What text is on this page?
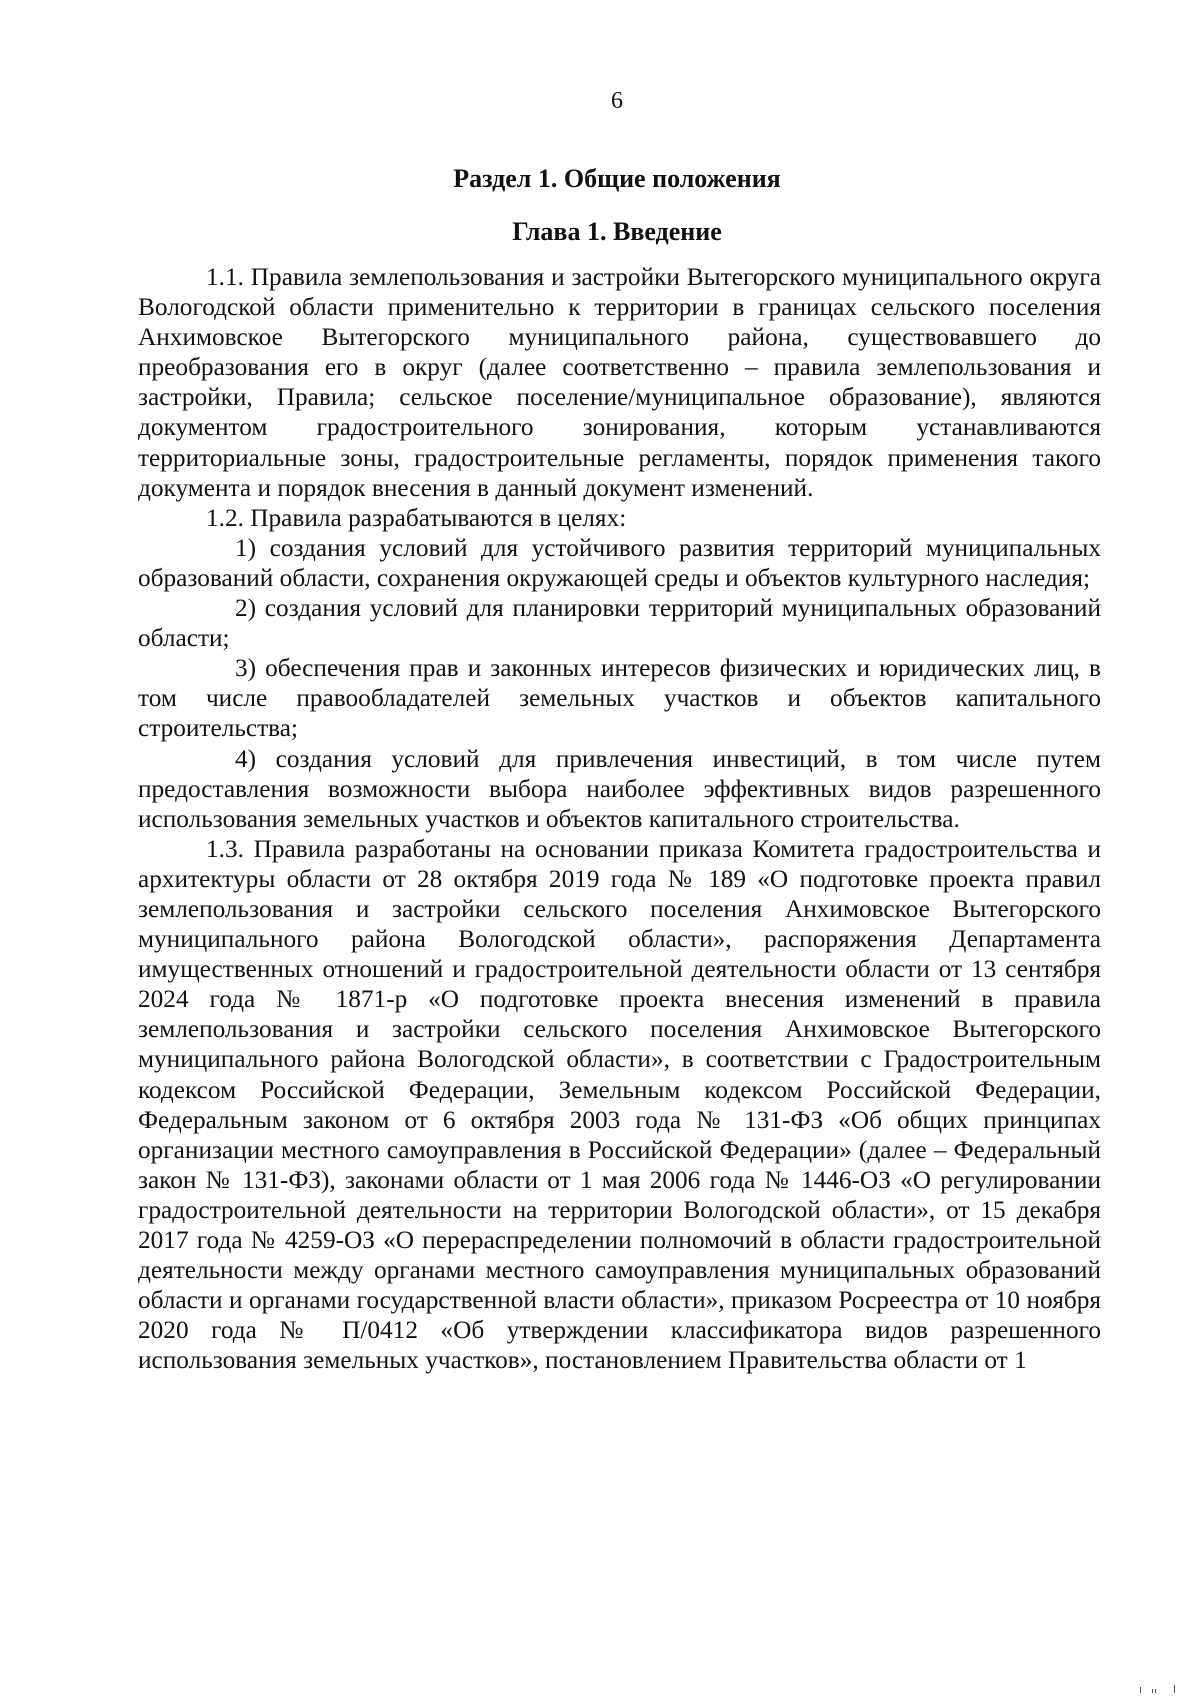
6
Раздел 1. Общие положения
Глава 1. Введение

1.1. Правила землепользования и застройки Вытегорского муниципального округа Вологодской области применительно к территории в границах сельского поселения Анхимовское Вытегорского муниципального района, существовавшего до преобразования его в округ (далее соответственно – правила землепользования и застройки, Правила; сельское поселение/муниципальное образование), являются документом градостроительного зонирования, которым устанавливаются территориальные зоны, градостроительные регламенты, порядок применения такого документа и порядок внесения в данный документ изменений.

1.2. Правила разрабатываются в целях:

1) создания условий для устойчивого развития территорий муниципальных образований области, сохранения окружающей среды и объектов культурного наследия;

2) создания условий для планировки территорий муниципальных образований области;

3) обеспечения прав и законных интересов физических и юридических лиц, в том числе правообладателей земельных участков и объектов капитального строительства;

4) создания условий для привлечения инвестиций, в том числе путем предоставления возможности выбора наиболее эффективных видов разрешенного использования земельных участков и объектов капитального строительства.

1.3. Правила разработаны на основании приказа Комитета градостроительства и архитектуры области от 28 октября 2019 года № 189 «О подготовке проекта правил землепользования и застройки сельского поселения Анхимовское Вытегорского муниципального района Вологодской области», распоряжения Департамента имущественных отношений и градостроительной деятельности области от 13 сентября 2024 года № 1871-р «О подготовке проекта внесения изменений в правила землепользования и застройки сельского поселения Анхимовское Вытегорского муниципального района Вологодской области», в соответствии с Градостроительным кодексом Российской Федерации, Земельным кодексом Российской Федерации, Федеральным законом от 6 октября 2003 года № 131-ФЗ «Об общих принципах организации местного самоуправления в Российской Федерации» (далее – Федеральный закон № 131-ФЗ), законами области от 1 мая 2006 года № 1446-ОЗ «О регулировании градостроительной деятельности на территории Вологодской области», от 15 декабря 2017 года № 4259-ОЗ «О перераспределении полномочий в области градостроительной деятельности между органами местного самоуправления муниципальных образований области и органами государственной власти области», приказом Росреестра от 10 ноября 2020 года № П/0412 «Об утверждении классификатора видов разрешенного использования земельных участков», постановлением Правительства области от 1
